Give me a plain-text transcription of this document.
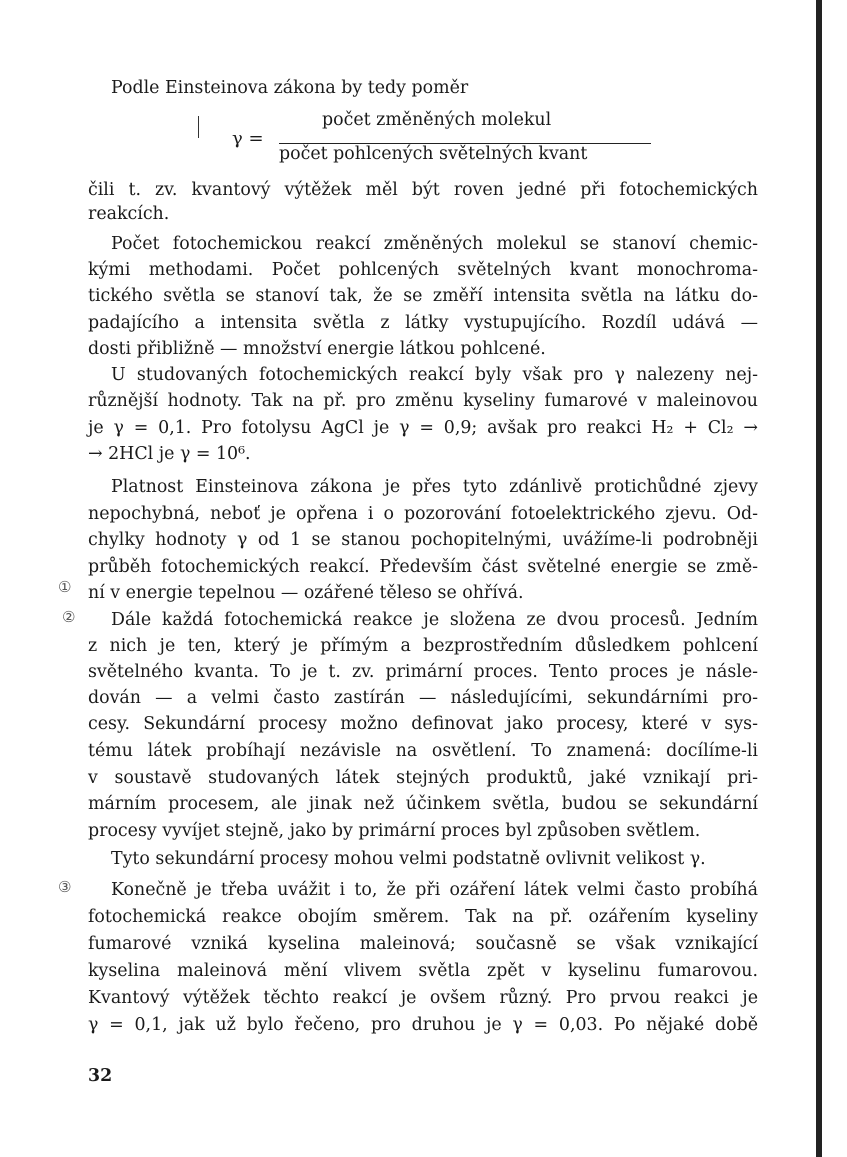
Podle Einsteinova zákona by tedy poměr
γ =
počet změněných molekul
počet pohlcených světelných kvant
čili t. zv. kvantový výtěžek měl být roven jedné při fotochemických
reakcích.
Počet fotochemickou reakcí změněných molekul se stanoví chemic-
kými methodami. Počet pohlcených světelných kvant monochroma-
tického světla se stanoví tak, že se změří intensita světla na látku do-
padajícího a intensita světla z látky vystupujícího. Rozdíl udává —
dosti přibližně — množství energie látkou pohlcené.
U studovaných fotochemických reakcí byly však pro γ nalezeny nej-
různější hodnoty. Tak na př. pro změnu kyseliny fumarové v maleinovou
je γ = 0,1. Pro fotolysu AgCl je γ = 0,9; avšak pro reakci H₂ + Cl₂ →
→ 2HCl je γ = 10⁶.
Platnost Einsteinova zákona je přes tyto zdánlivě protichůdné zjevy
nepochybná, neboť je opřena i o pozorování fotoelektrického zjevu. Od-
chylky hodnoty γ od 1 se stanou pochopitelnými, uvážíme-li podrobněji
průběh fotochemických reakcí. Především část světelné energie se změ-
ní v energie tepelnou — ozářené těleso se ohřívá.
①
②
③
Dále každá fotochemická reakce je složena ze dvou procesů. Jedním
z nich je ten, který je přímým a bezprostředním důsledkem pohlcení
světelného kvanta. To je t. zv. primární proces. Tento proces je násle-
dován — a velmi často zastírán — následujícími, sekundárními pro-
cesy. Sekundární procesy možno definovat jako procesy, které v sys-
tému látek probíhají nezávisle na osvětlení. To znamená: docílíme-li
v soustavě studovaných látek stejných produktů, jaké vznikají pri-
márním procesem, ale jinak než účinkem světla, budou se sekundární
procesy vyvíjet stejně, jako by primární proces byl způsoben světlem.
Tyto sekundární procesy mohou velmi podstatně ovlivnit velikost γ.
Konečně je třeba uvážit i to, že při ozáření látek velmi často probíhá
fotochemická reakce obojím směrem. Tak na př. ozářením kyseliny
fumarové vzniká kyselina maleinová; současně se však vznikající
kyselina maleinová mění vlivem světla zpět v kyselinu fumarovou.
Kvantový výtěžek těchto reakcí je ovšem různý. Pro prvou reakci je
γ = 0,1, jak už bylo řečeno, pro druhou je γ = 0,03. Po nějaké době
32
